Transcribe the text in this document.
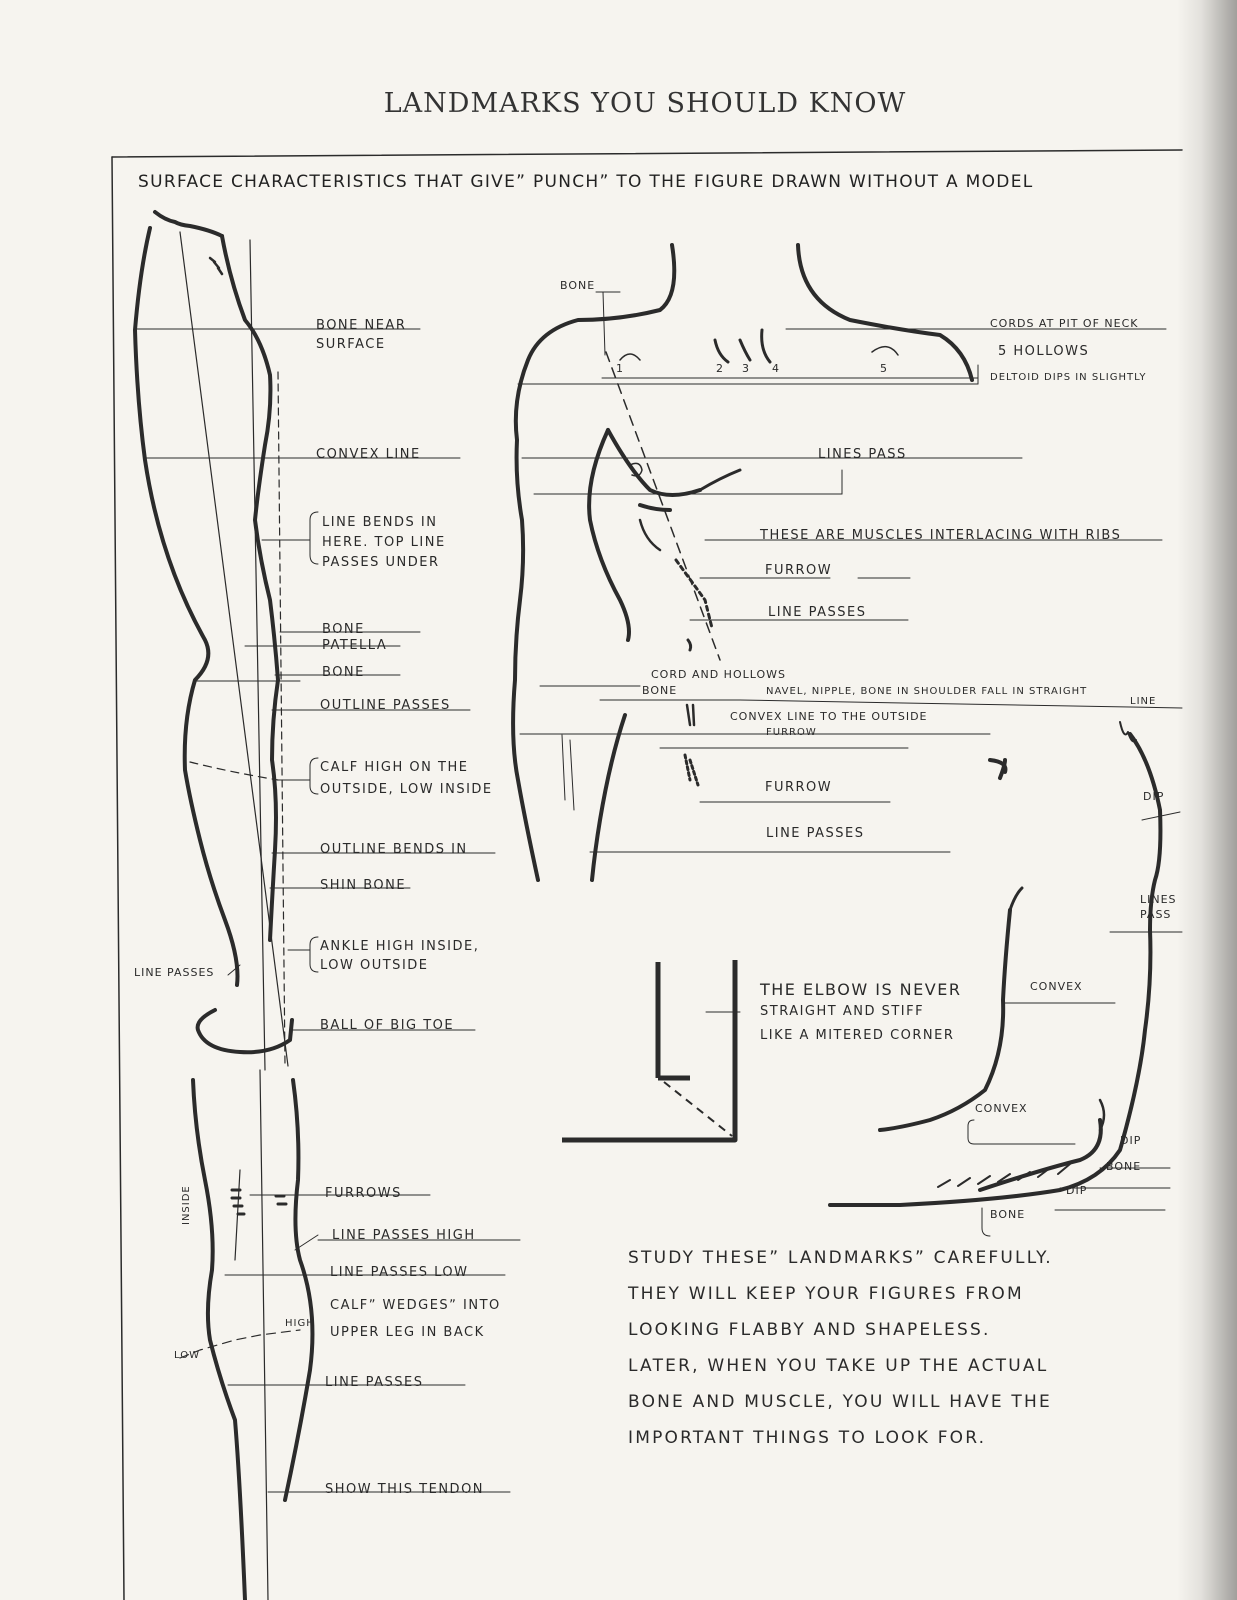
LANDMARKS YOU SHOULD KNOW
SURFACE CHARACTERISTICS THAT GIVEˮ PUNCHˮ TO THE FIGURE DRAWN WITHOUT A MODEL
BONE NEAR
SURFACE
CONVEX LINE
LINE BENDS IN
HERE. TOP LINE
PASSES UNDER
BONE
PATELLA
BONE
OUTLINE PASSES
CALF HIGH ON THE
OUTSIDE, LOW INSIDE
OUTLINE BENDS IN
SHIN BONE
ANKLE HIGH INSIDE,
LOW OUTSIDE
LINE PASSES
BALL OF BIG TOE
INSIDE	FURROWS
LINE PASSES HIGH
LINE PASSES LOW
CALFˮ WEDGESˮ INTO
UPPER LEG IN BACK
HIGH
LOW
LINE PASSES
SHOW THIS TENDON
BONE
CORDS AT PIT OF NECK
5 HOLLOWS
DELTOID DIPS IN SLIGHTLY
1	2 3 4	5
LINES PASS
THESE ARE MUSCLES INTERLACING WITH RIBS
FURROW
LINE PASSES
CORD AND HOLLOWS
BONE	NAVEL, NIPPLE, BONE IN SHOULDER FALL IN STRAIGHT
LINE
CONVEX LINE TO THE OUTSIDE
FURROW
FURROW
LINE PASSES
THE ELBOW IS NEVER
STRAIGHT AND STIFF
LIKE A MITERED CORNER
CONVEX
CONVEX
DIP
LINES
PASS
DIP
BONE
DIP
BONE
STUDY THESEˮ LANDMARKSˮ CAREFULLY.
THEY WILL KEEP YOUR FIGURES FROM
LOOKING FLABBY AND SHAPELESS.
LATER, WHEN YOU TAKE UP THE ACTUAL
BONE AND MUSCLE, YOU WILL HAVE THE
IMPORTANT THINGS TO LOOK FOR.
